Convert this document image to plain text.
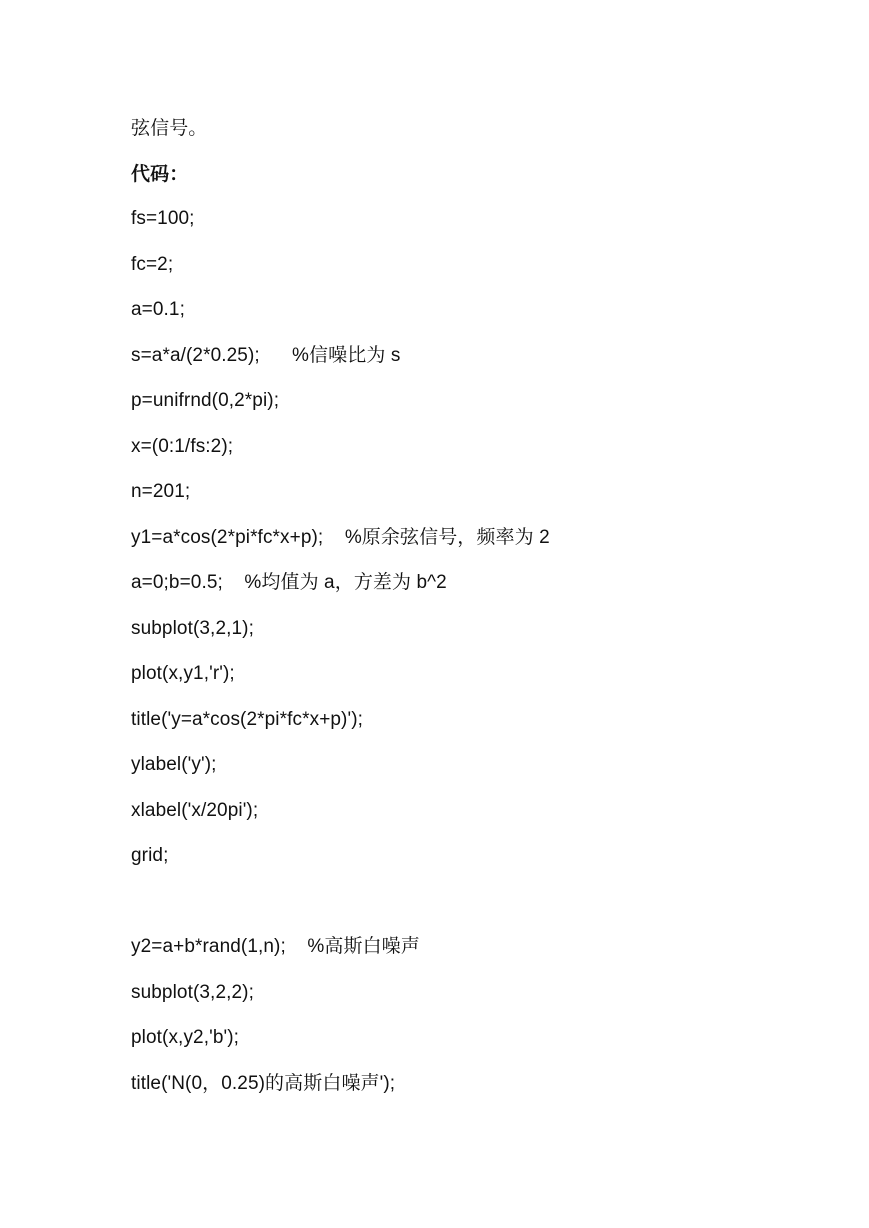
弦信号。
代码：
fs=100;
fc=2;
a=0.1;
s=a*a/(2*0.25);      %信噪比为 s
p=unifrnd(0,2*pi);
x=(0:1/fs:2);
n=201;
y1=a*cos(2*pi*fc*x+p);    %原余弦信号，频率为 2
a=0;b=0.5;    %均值为 a，方差为 b^2
subplot(3,2,1);
plot(x,y1,'r');
title('y=a*cos(2*pi*fc*x+p)');
ylabel('y');
xlabel('x/20pi');
grid;
y2=a+b*rand(1,n);    %高斯白噪声
subplot(3,2,2);
plot(x,y2,'b');
title('N(0，0.25)的高斯白噪声');
